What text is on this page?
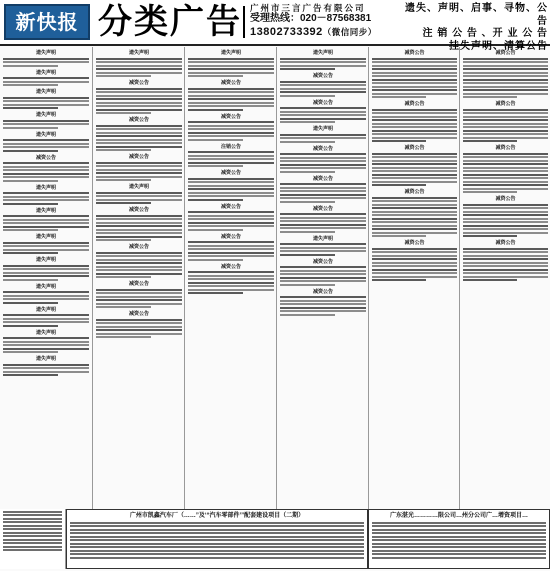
新快报 分类广告 广州市三言广告有限公司
受理热线：020－87568381
13802733392（微信同步）
遗失、声明、启事、寻物、公告
注 销 公 告 、开 业 公 告
挂失声明、清算公告
遗失声明
遗失声明
遗失声明
遗失声明
遗失声明
减资公告
遗失声明
遗失声明
遗失声明
遗失声明
遗失声明
遗失声明
遗失声明
遗失声明
遗失声明
减资公告
减资公告
减资公告
遗失声明
减资公告
减资公告
减资公告
减资公告
遗失声明
减资公告
减资公告
注销公告
减资公告
减资公告
减资公告
减资公告
遗失声明
减资公告
减资公告
遗失声明
减资公告
减资公告
减资公告
遗失声明
减资公告
减资公告
减资公告
减资公告
减资公告
减资公告
减资公告
减资公告
减资公告
减资公告
减资公告
减资公告
广州市凯鑫汽车厂（……”及‘“汽车零部件’”配套建设项目（二期）	广东湛光…………限公司…州分公司广…增资项目…
